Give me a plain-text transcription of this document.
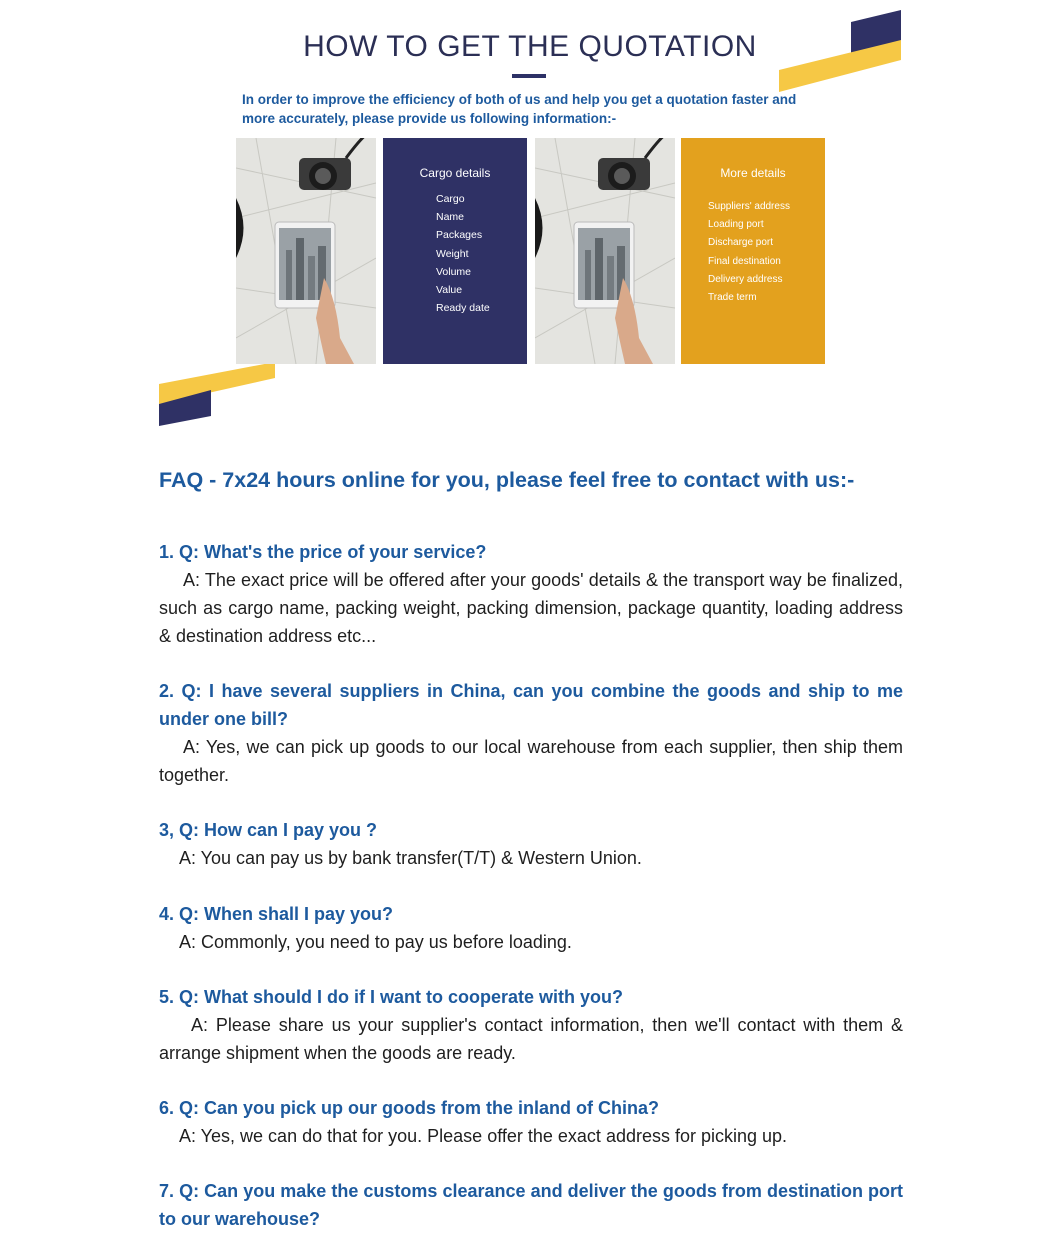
HOW TO GET THE QUOTATION
In order to improve the efficiency of both of us and help you get a quotation faster and more accurately, please provide us following information:-
Cargo details
Cargo
Name
Packages
Weight
Volume
Value
Ready date
More details
Suppliers' address
Loading port
Discharge port
Final destination
Delivery address
Trade term
FAQ - 7x24 hours online for you, please feel free to contact with us:-
1. Q: What's the price of your service?
A: The exact price will be offered after your goods' details & the transport way be finalized, such as cargo name, packing weight, packing dimension, package quantity, loading address & destination address etc...
2. Q: I have several suppliers in China, can you combine the goods and ship to me under one bill?
A: Yes, we can pick up goods to our local warehouse from each supplier, then ship them together.
3, Q: How can I pay you ?
A: You can pay us by bank transfer(T/T) & Western Union.
4. Q: When shall I pay you?
A: Commonly, you need to pay us before loading.
5. Q: What should I do if I want to cooperate with you?
A: Please share us your supplier's contact information, then we'll contact with them & arrange shipment when the goods are ready.
6. Q: Can you pick up our goods from the inland of China?
A: Yes, we can do that for you. Please offer the exact address for picking up.
7. Q: Can you make the customs clearance and deliver the goods from destination port to our warehouse?
